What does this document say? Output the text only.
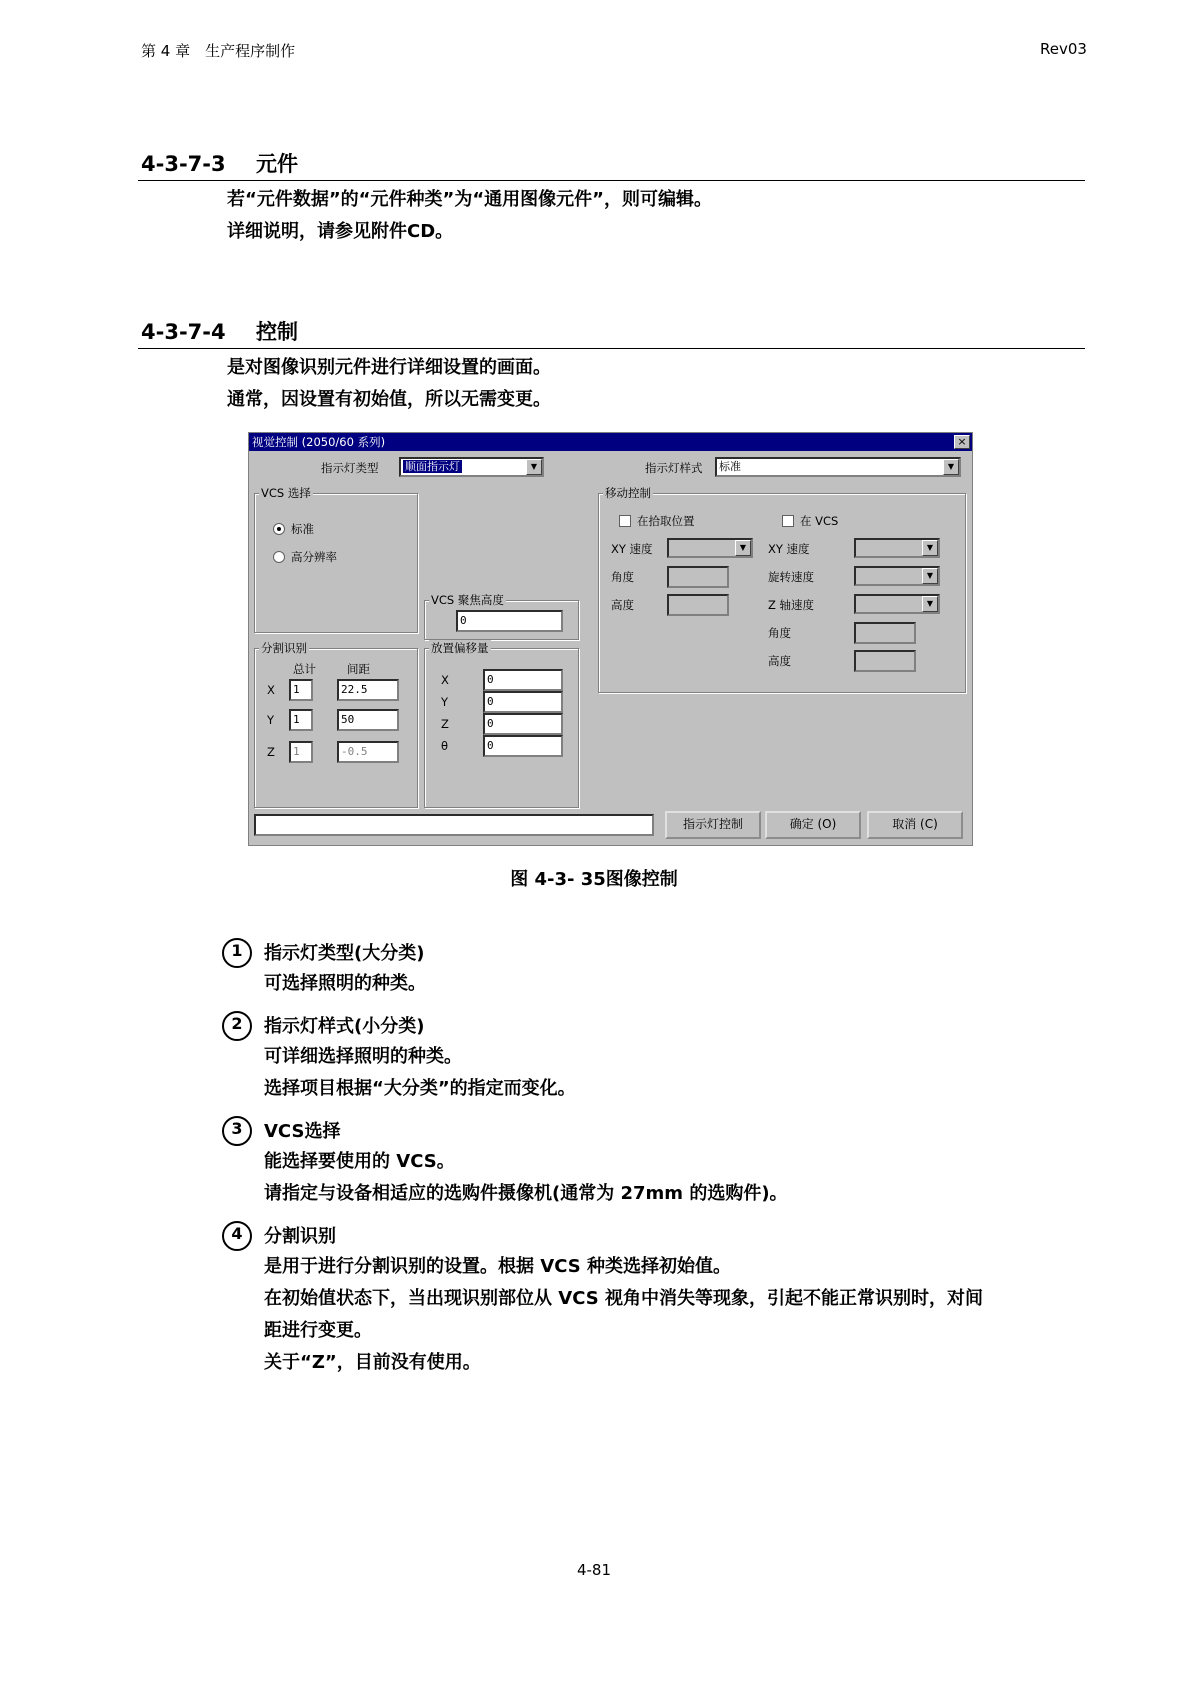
第 4 章　生产程序制作	Rev03
4-3-7-3 元件
若“元件数据”的“元件种类”为“通用图像元件”，则可编辑。
详细说明，请参见附件CD。
4-3-7-4 控制
是对图像识别元件进行详细设置的画面。
通常，因设置有初始值，所以无需变更。
视觉控制 (2050/60 系列)	×
指示灯类型	顺面指示灯	▼	指示灯样式	标准	▼
VCS 选择
标准
高分辨率
VCS 聚焦高度
0
移动控制
在拾取位置	在 VCS
XY 速度	▼
角度
高度
XY 速度	▼
旋转速度	▼
Z 轴速度	▼
角度
高度
分割识别
总计	间距
X	1	22.5
Y	1	50
Z	1	-0.5
放置偏移量
X	0
Y	0
Z	0
θ	0
指示灯控制	确定 (O)	取消 (C)
图 4-3- 35图像控制
1	指示灯类型(大分类)
可选择照明的种类。
2	指示灯样式(小分类)
可详细选择照明的种类。
选择项目根据“大分类”的指定而变化。
3	VCS选择
能选择要使用的 VCS。
请指定与设备相适应的选购件摄像机(通常为 27mm 的选购件)。
4	分割识别
是用于进行分割识别的设置。根据 VCS 种类选择初始值。
在初始值状态下，当出现识别部位从 VCS 视角中消失等现象，引起不能正常识别时，对间
距进行变更。
关于“Z”，目前没有使用。
4-81
